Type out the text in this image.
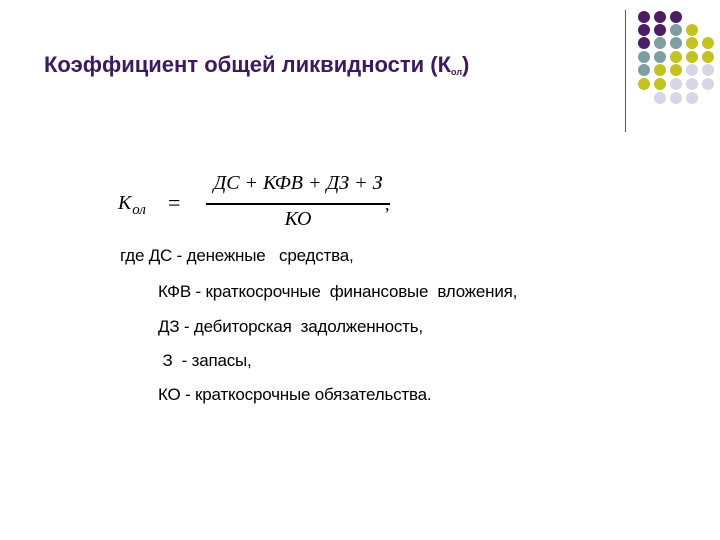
Коэффициент общей ликвидности $(К_{ол})$
$К_{ол}$ =
ДС + КФВ + ДЗ + З
КО
,
где ДС - денежные   средства,
КФВ - краткосрочные  финансовые  вложения,
ДЗ - дебиторская  задолженность,
З  - запасы,
КО - краткосрочные обязательства.
